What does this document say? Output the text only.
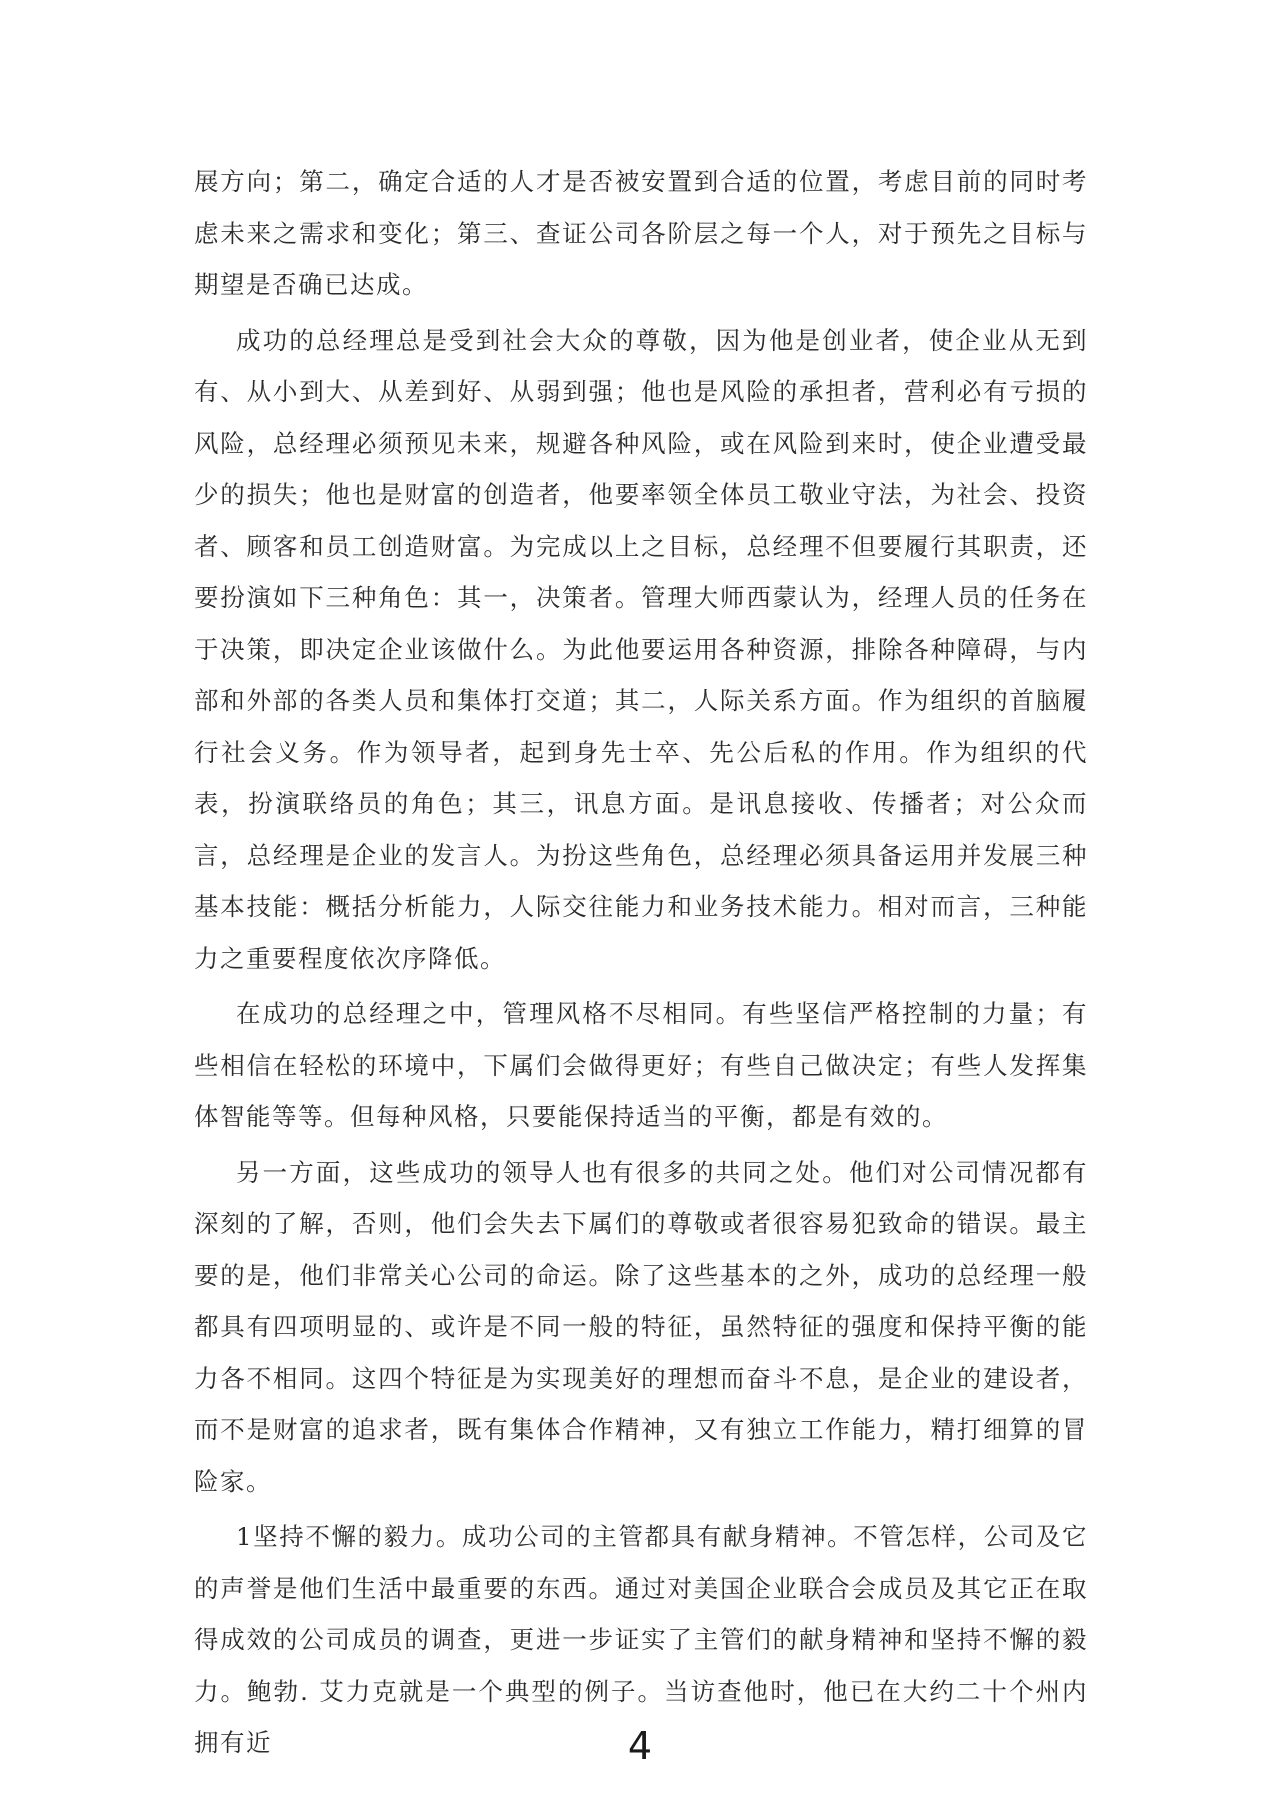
展方向；第二，确定合适的人才是否被安置到合适的位置，考虑目前的同时考虑未来之需求和变化；第三、查证公司各阶层之每一个人，对于预先之目标与期望是否确已达成。

成功的总经理总是受到社会大众的尊敬，因为他是创业者，使企业从无到有、从小到大、从差到好、从弱到强；他也是风险的承担者，营利必有亏损的风险，总经理必须预见未来，规避各种风险，或在风险到来时，使企业遭受最少的损失；他也是财富的创造者，他要率领全体员工敬业守法，为社会、投资者、顾客和员工创造财富。为完成以上之目标，总经理不但要履行其职责，还要扮演如下三种角色：其一，决策者。管理大师西蒙认为，经理人员的任务在于决策，即决定企业该做什么。为此他要运用各种资源，排除各种障碍，与内部和外部的各类人员和集体打交道；其二，人际关系方面。作为组织的首脑履行社会义务。作为领导者，起到身先士卒、先公后私的作用。作为组织的代表，扮演联络员的角色；其三，讯息方面。是讯息接收、传播者；对公众而言，总经理是企业的发言人。为扮这些角色，总经理必须具备运用并发展三种基本技能：概括分析能力，人际交往能力和业务技术能力。相对而言，三种能力之重要程度依次序降低。

在成功的总经理之中，管理风格不尽相同。有些坚信严格控制的力量；有些相信在轻松的环境中，下属们会做得更好；有些自己做决定；有些人发挥集体智能等等。但每种风格，只要能保持适当的平衡，都是有效的。

另一方面，这些成功的领导人也有很多的共同之处。他们对公司情况都有深刻的了解，否则，他们会失去下属们的尊敬或者很容易犯致命的错误。最主要的是，他们非常关心公司的命运。除了这些基本的之外，成功的总经理一般都具有四项明显的、或许是不同一般的特征，虽然特征的强度和保持平衡的能力各不相同。这四个特征是为实现美好的理想而奋斗不息，是企业的建设者，而不是财富的追求者，既有集体合作精神，又有独立工作能力，精打细算的冒险家。

1坚持不懈的毅力。成功公司的主管都具有献身精神。不管怎样，公司及它的声誉是他们生活中最重要的东西。通过对美国企业联合会成员及其它正在取得成效的公司成员的调查，更进一步证实了主管们的献身精神和坚持不懈的毅力。鲍勃. 艾力克就是一个典型的例子。当访查他时，他已在大约二十个州内拥有近	4
